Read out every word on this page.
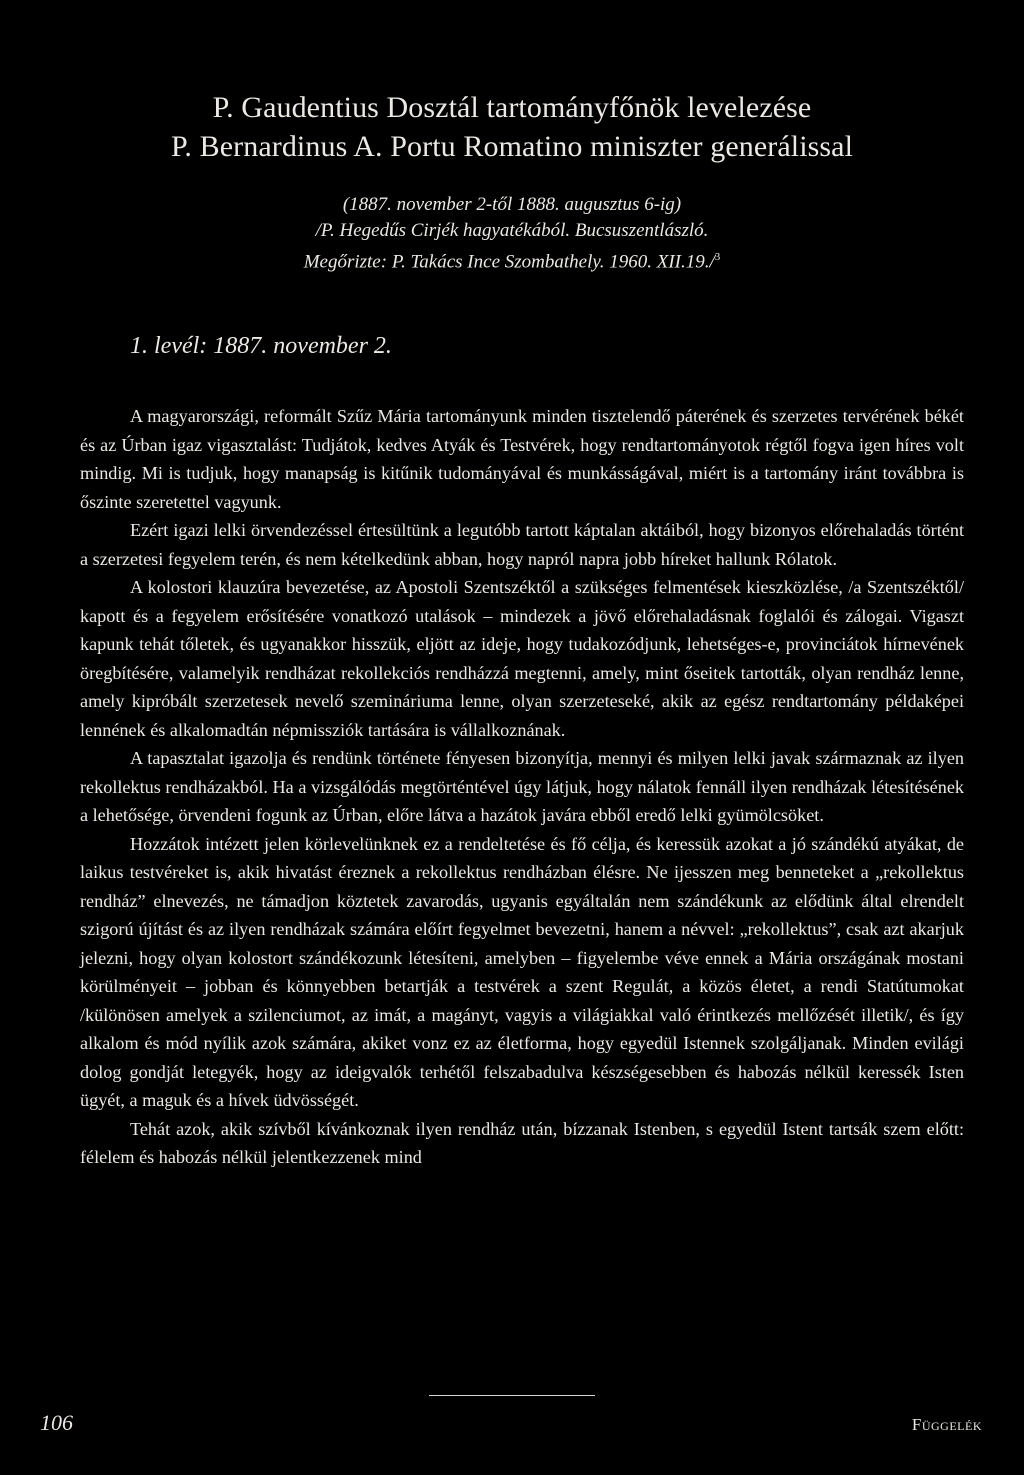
P. Gaudentius Dosztál tartományfőnök levelezése
P. Bernardinus A. Portu Romatino miniszter generálissal
(1887. november 2-től 1888. augusztus 6-ig)
/P. Hegedűs Cirjék hagyatékából. Bucsuszentlászló.
Megőrizte: P. Takács Ince Szombathely. 1960. XII.19./$^3$
1. levél: 1887. november 2.

A magyarországi, reformált Szűz Mária tartományunk minden tisztelendő páterének és szerzetes tervérének békét és az Úrban igaz vigasztalást: Tudjátok, kedves Atyák és Testvérek, hogy rendtartományotok régtől fogva igen híres volt mindig. Mi is tudjuk, hogy manapság is kitűnik tudományával és munkásságával, miért is a tartomány iránt továbbra is őszinte szeretettel vagyunk.

Ezért igazi lelki örvendezéssel értesültünk a legutóbb tartott káptalan aktáiból, hogy bizonyos előrehaladás történt a szerzetesi fegyelem terén, és nem kételkedünk abban, hogy napról napra jobb híreket hallunk Rólatok.

A kolostori klauzúra bevezetése, az Apostoli Szentszéktől a szükséges felmentések kieszközlése, /a Szentszéktől/ kapott és a fegyelem erősítésére vonatkozó utalások – mindezek a jövő előrehaladásnak foglalói és zálogai. Vigaszt kapunk tehát tőletek, és ugyanakkor hisszük, eljött az ideje, hogy tudakozódjunk, lehetséges-e, provinciátok hírnevének öregbítésére, valamelyik rendházat rekollekciós rendházzá megtenni, amely, mint őseitek tartották, olyan rendház lenne, amely kipróbált szerzetesek nevelő szemináriuma lenne, olyan szerzeteseké, akik az egész rendtartomány példaképei lennének és alkalomadtán népmissziók tartására is vállalkoznának.

A tapasztalat igazolja és rendünk története fényesen bizonyítja, mennyi és milyen lelki javak származnak az ilyen rekollektus rendházakból. Ha a vizsgálódás megtörténtével úgy látjuk, hogy nálatok fennáll ilyen rendházak létesítésének a lehetősége, örvendeni fogunk az Úrban, előre látva a hazátok javára ebből eredő lelki gyümölcsöket.

Hozzátok intézett jelen körlevelünknek ez a rendeltetése és fő célja, és keressük azokat a jó szándékú atyákat, de laikus testvéreket is, akik hivatást éreznek a rekollektus rendházban élésre. Ne ijesszen meg benneteket a „rekollektus rendház” elnevezés, ne támadjon köztetek zavarodás, ugyanis egyáltalán nem szándékunk az elődünk által elrendelt szigorú újítást és az ilyen rendházak számára előírt fegyelmet bevezetni, hanem a névvel: „rekollektus”, csak azt akarjuk jelezni, hogy olyan kolostort szándékozunk létesíteni, amelyben – figyelembe véve ennek a Mária országának mostani körülményeit – jobban és könnyebben betartják a testvérek a szent Regulát, a közös életet, a rendi Statútumokat /különösen amelyek a szilenciumot, az imát, a magányt, vagyis a világiakkal való érintkezés mellőzését illetik/, és így alkalom és mód nyílik azok számára, akiket vonz ez az életforma, hogy egyedül Istennek szolgáljanak. Minden evilági dolog gondját letegyék, hogy az ideigvalók terhétől felszabadulva készségesebben és habozás nélkül keressék Isten ügyét, a maguk és a hívek üdvösségét.

Tehát azok, akik szívből kívánkoznak ilyen rendház után, bízzanak Istenben, s egyedül Istent tartsák szem előtt: félelem és habozás nélkül jelentkezzenek mind

106	Függelék
